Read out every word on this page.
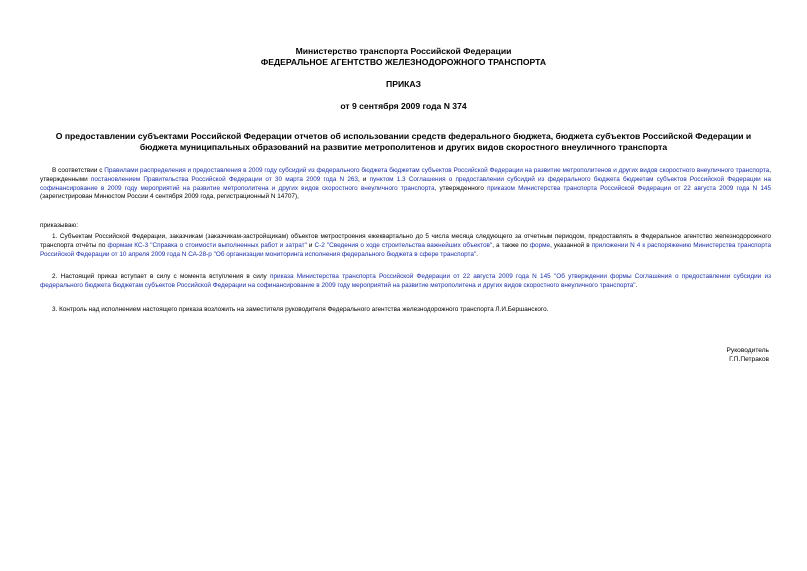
Министерство транспорта Российской Федерации
ФЕДЕРАЛЬНОЕ АГЕНТСТВО ЖЕЛЕЗНОДОРОЖНОГО ТРАНСПОРТА
ПРИКАЗ
от 9 сентября 2009 года N 374
О предоставлении субъектами Российской Федерации отчетов об использовании средств федерального бюджета, бюджета субъектов Российской Федерации и
бюджета муниципальных образований на развитие метрополитенов и других видов скоростного внеуличного транспорта
В соответствии с Правилами распределения и предоставления в 2009 году субсидий из федерального бюджета бюджетам субъектов Российской Федерации на развитие метрополитенов и других видов скоростного внеуличного транспорта, утвержденными постановлением Правительства Российской Федерации от 30 марта 2009 года N 263, и пунктом 1.3 Соглашения о предоставлении субсидий из федерального бюджета бюджетам субъектов Российской Федерации на софинансирование в 2009 году мероприятий на развитие метрополитена и других видов скоростного внеуличного транспорта, утвержденного приказом Министерства транспорта Российской Федерации от 22 августа 2009 года N 145 (зарегистрирован Минюстом России 4 сентября 2009 года, регистрационный N 14707),
приказываю:
1. Субъектам Российской Федерации, заказчикам (заказчикам-застройщикам) объектов метростроения ежеквартально до 5 числа месяца следующего за отчетным периодом, предоставлять в Федеральное агентство железнодорожного транспорта отчёты по формам КС-3 "Справка о стоимости выполненных работ и затрат" и С-2 "Сведения о ходе строительства важнейших объектов", а также по форме, указанной в приложении N 4 к распоряжению Министерства транспорта Российской Федерации от 10 апреля 2009 года N СА-28-р "Об организации мониторинга исполнения федерального бюджета в сфере транспорта".
2. Настоящий приказ вступает в силу с момента вступления в силу приказа Министерства транспорта Российской Федерации от 22 августа 2009 года N 145 "Об утверждении формы Соглашения о предоставлении субсидии из федерального бюджета бюджетам субъектов Российской Федерации на софинансирование в 2009 году мероприятий на развитие метрополитена и других видов скоростного внеуличного транспорта".
3. Контроль над исполнением настоящего приказа возложить на заместителя руководителя Федерального агентства железнодорожного транспорта Л.И.Бершанского.
Руководитель
Г.П.Петраков
